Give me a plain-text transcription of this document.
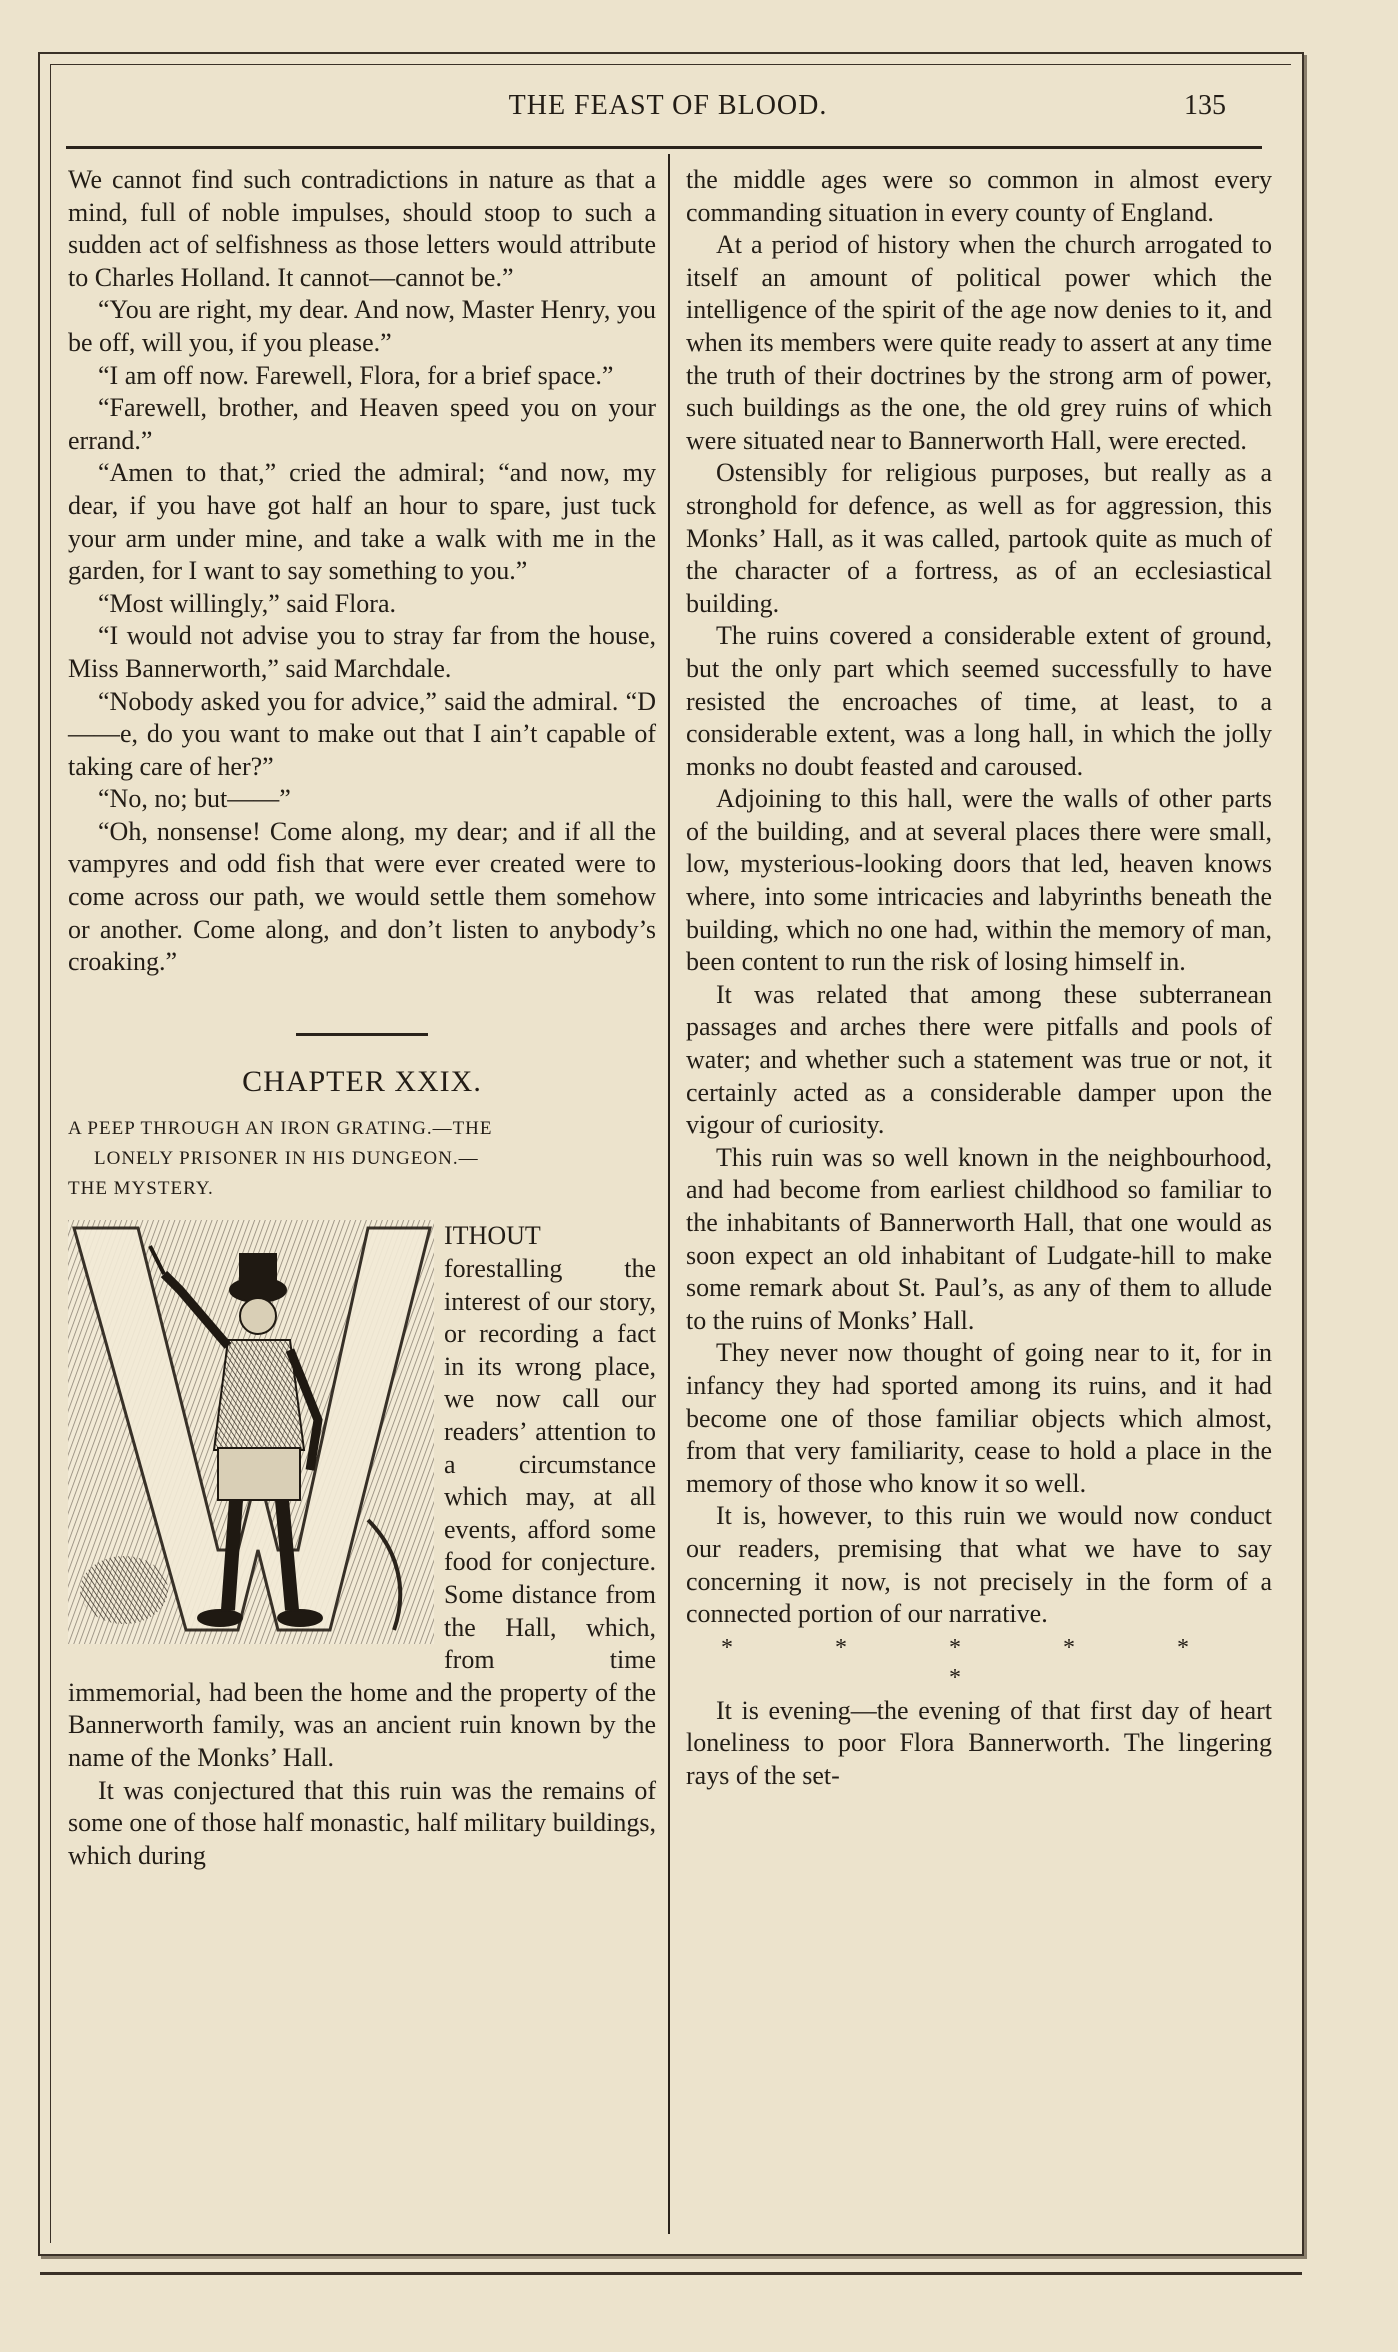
THE FEAST OF BLOOD.	135

We cannot find such contradictions in nature as that a mind, full of noble impulses, should stoop to such a sudden act of selfishness as those letters would attribute to Charles Holland. It cannot—cannot be.”

“You are right, my dear. And now, Master Henry, you be off, will you, if you please.”

“I am off now. Farewell, Flora, for a brief space.”

“Farewell, brother, and Heaven speed you on your errand.”

“Amen to that,” cried the admiral; “and now, my dear, if you have got half an hour to spare, just tuck your arm under mine, and take a walk with me in the garden, for I want to say something to you.”

“Most willingly,” said Flora.

“I would not advise you to stray far from the house, Miss Bannerworth,” said Marchdale.

“Nobody asked you for advice,” said the admiral. “D——e, do you want to make out that I ain’t capable of taking care of her?”

“No, no; but——”

“Oh, nonsense! Come along, my dear; and if all the vampyres and odd fish that were ever created were to come across our path, we would settle them somehow or another. Come along, and don’t listen to anybody’s croaking.”

CHAPTER XXIX.
A PEEP THROUGH AN IRON GRATING.—THE
LONELY PRISONER IN HIS DUNGEON.—
THE MYSTERY.

ITHOUT forestalling the interest of our story, or recording a fact in its wrong place, we now call our readers’ attention to a circumstance which may, at all events, afford some food for conjecture. Some distance from the Hall, which, from time immemorial, had been the home and the property of the Bannerworth family, was an ancient ruin known by the name of the Monks’ Hall.

It was conjectured that this ruin was the remains of some one of those half monastic, half military buildings, which during

the middle ages were so common in almost every commanding situation in every county of England.

At a period of history when the church arrogated to itself an amount of political power which the intelligence of the spirit of the age now denies to it, and when its members were quite ready to assert at any time the truth of their doctrines by the strong arm of power, such buildings as the one, the old grey ruins of which were situated near to Bannerworth Hall, were erected.

Ostensibly for religious purposes, but really as a stronghold for defence, as well as for aggression, this Monks’ Hall, as it was called, partook quite as much of the character of a fortress, as of an ecclesiastical building.

The ruins covered a considerable extent of ground, but the only part which seemed successfully to have resisted the encroaches of time, at least, to a considerable extent, was a long hall, in which the jolly monks no doubt feasted and caroused.

Adjoining to this hall, were the walls of other parts of the building, and at several places there were small, low, mysterious-looking doors that led, heaven knows where, into some intricacies and labyrinths beneath the building, which no one had, within the memory of man, been content to run the risk of losing himself in.

It was related that among these subterranean passages and arches there were pitfalls and pools of water; and whether such a statement was true or not, it certainly acted as a considerable damper upon the vigour of curiosity.

This ruin was so well known in the neighbourhood, and had become from earliest childhood so familiar to the inhabitants of Bannerworth Hall, that one would as soon expect an old inhabitant of Ludgate-hill to make some remark about St. Paul’s, as any of them to allude to the ruins of Monks’ Hall.

They never now thought of going near to it, for in infancy they had sported among its ruins, and it had become one of those familiar objects which almost, from that very familiarity, cease to hold a place in the memory of those who know it so well.

It is, however, to this ruin we would now conduct our readers, premising that what we have to say concerning it now, is not precisely in the form of a connected portion of our narrative.

* * * * * *

It is evening—the evening of that first day of heart loneliness to poor Flora Bannerworth. The lingering rays of the set-
